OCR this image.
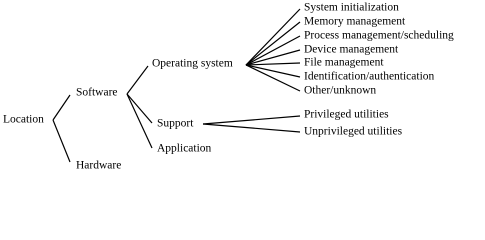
Location
Software
Hardware
Operating system
Support
Application
System initialization
Memory management
Process management/scheduling
Device management
File management
Identification/authentication
Other/unknown
Privileged utilities
Unprivileged utilities
